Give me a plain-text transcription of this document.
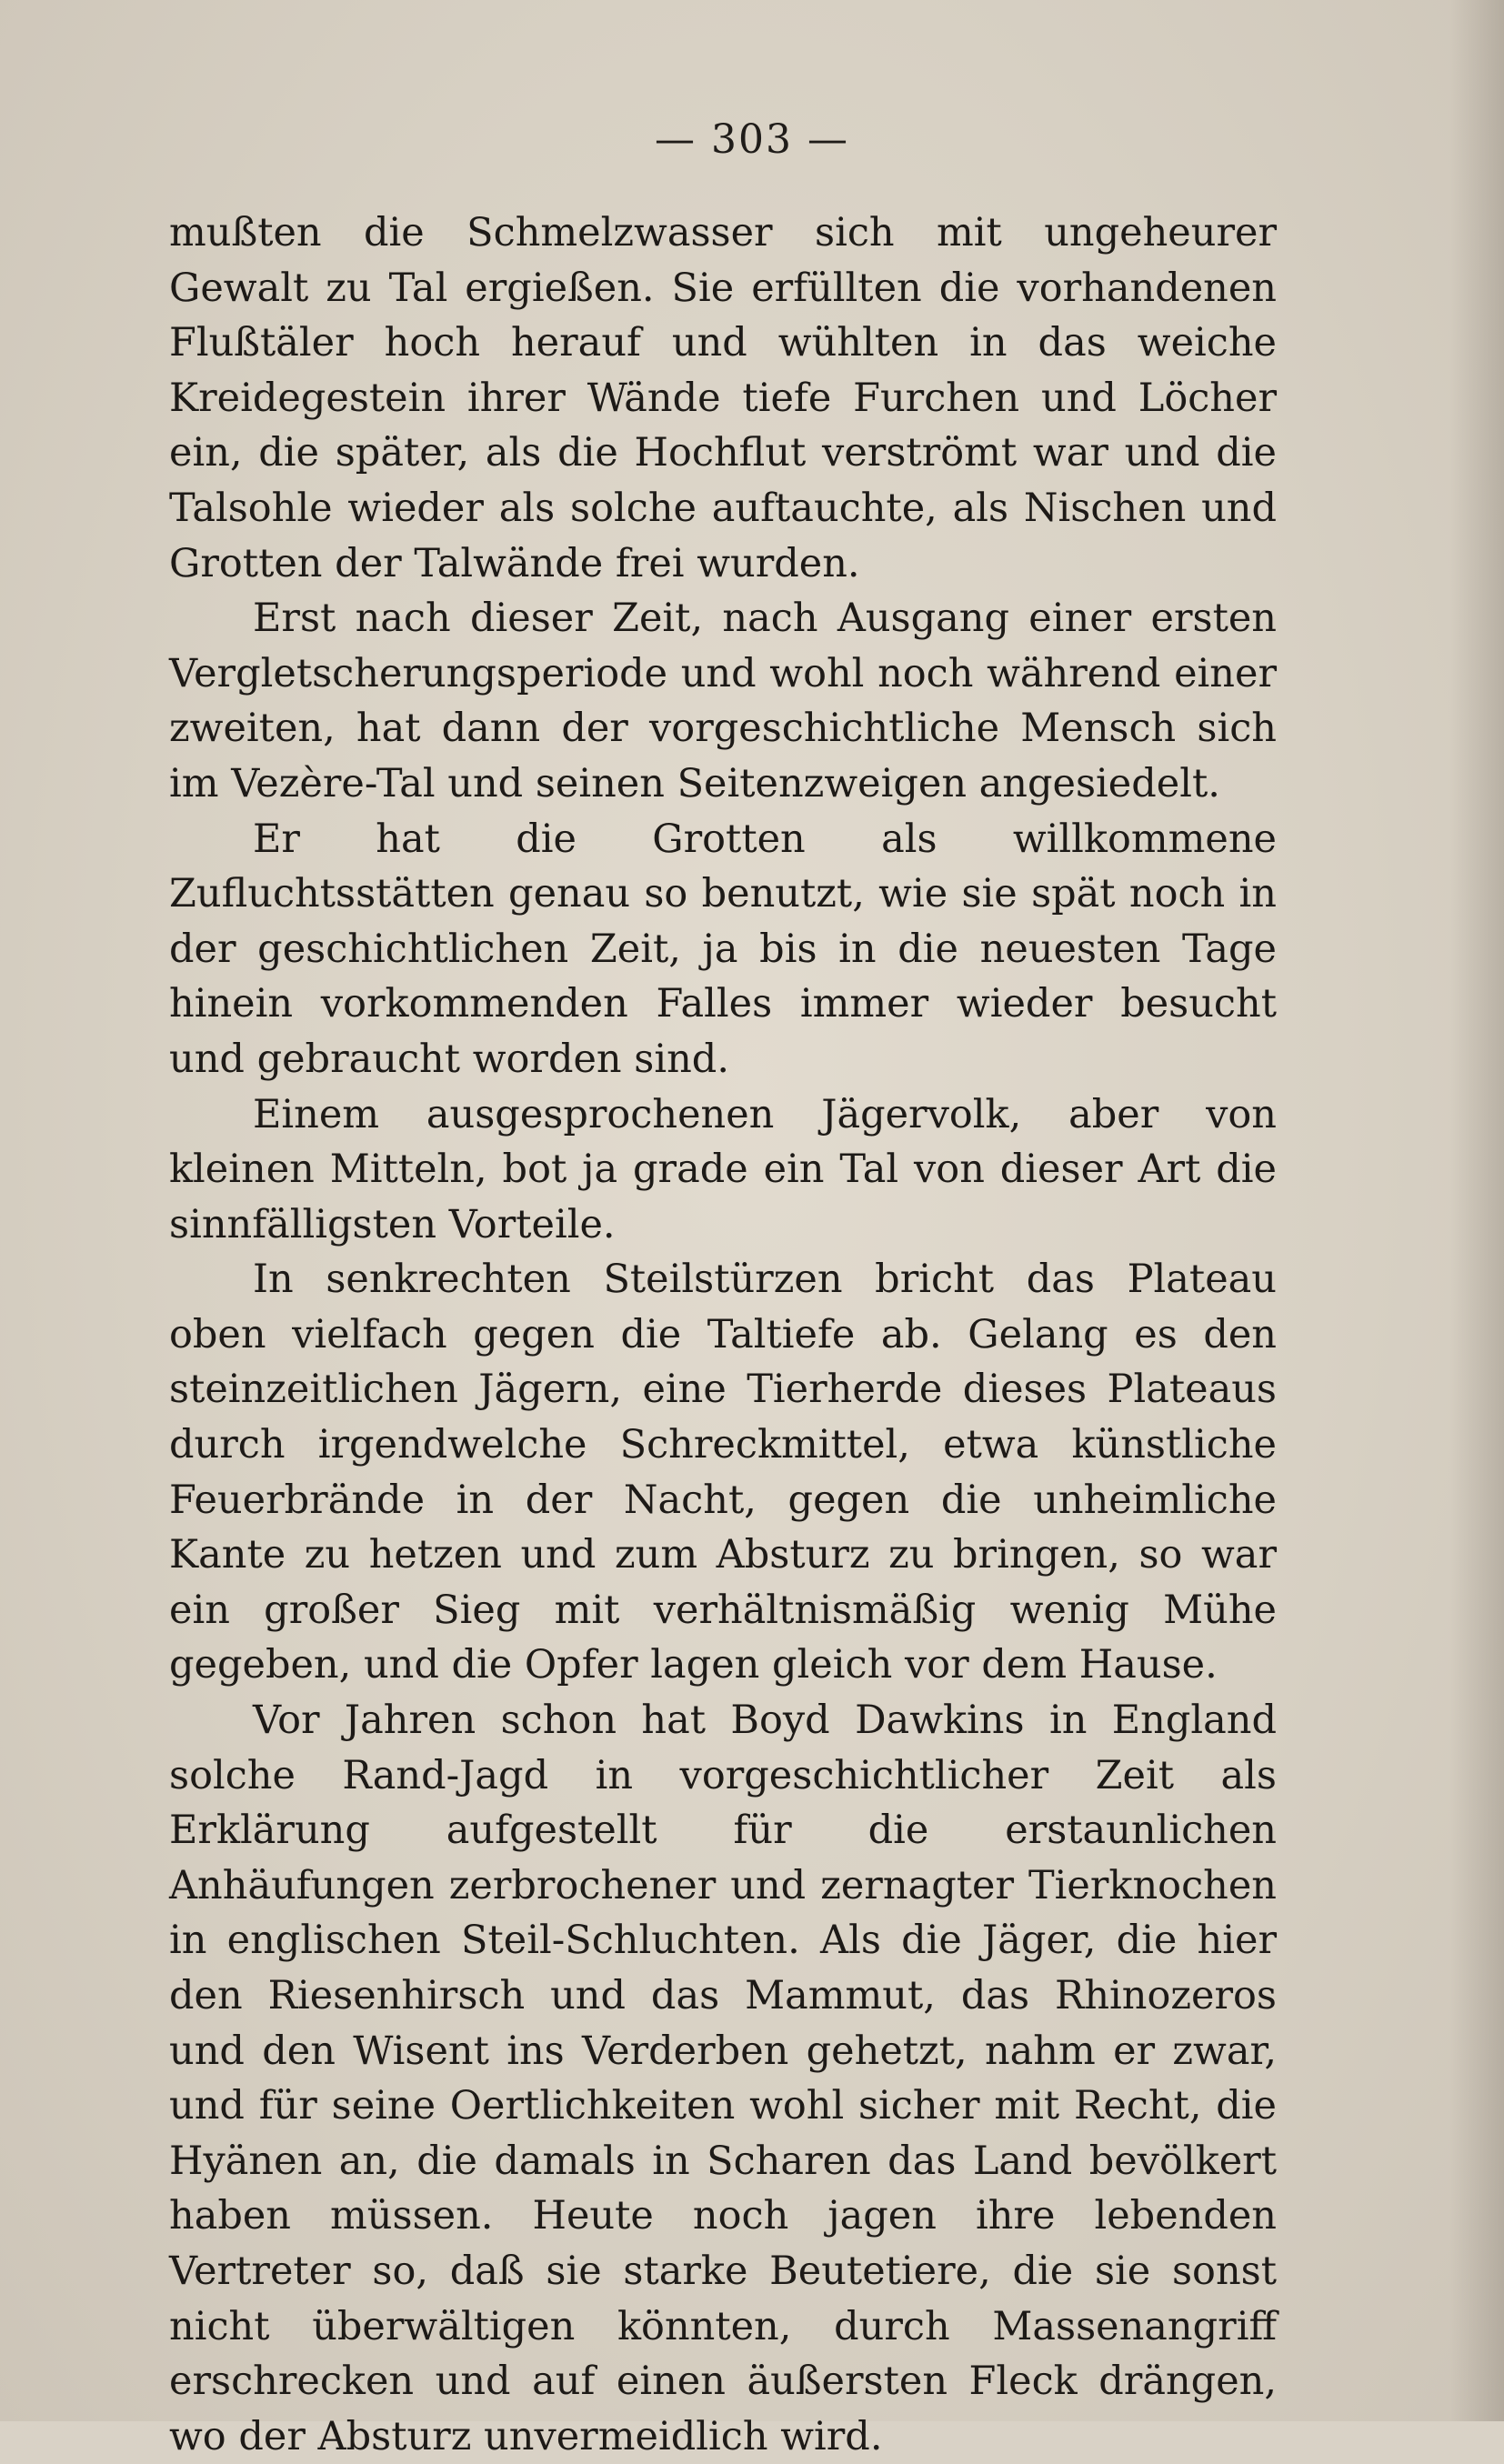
— 303 —

mußten die Schmelzwasser sich mit ungeheurer Gewalt zu Tal ergießen. Sie erfüllten die vorhandenen Flußtäler hoch herauf und wühlten in das weiche Kreidegestein ihrer Wände tiefe Furchen und Löcher ein, die später, als die Hochflut verströmt war und die Talsohle wieder als solche auftauchte, als Nischen und Grotten der Talwände frei wurden.

Erst nach dieser Zeit, nach Ausgang einer ersten Vergletscherungsperiode und wohl noch während einer zweiten, hat dann der vorgeschichtliche Mensch sich im Vezère-Tal und seinen Seitenzweigen angesiedelt.

Er hat die Grotten als willkommene Zufluchtsstätten genau so benutzt, wie sie spät noch in der geschichtlichen Zeit, ja bis in die neuesten Tage hinein vorkommenden Falles immer wieder besucht und gebraucht worden sind.

Einem ausgesprochenen Jägervolk, aber von kleinen Mitteln, bot ja grade ein Tal von dieser Art die sinnfälligsten Vorteile.

In senkrechten Steilstürzen bricht das Plateau oben vielfach gegen die Taltiefe ab. Gelang es den steinzeitlichen Jägern, eine Tierherde dieses Plateaus durch irgendwelche Schreckmittel, etwa künstliche Feuerbrände in der Nacht, gegen die unheimliche Kante zu hetzen und zum Absturz zu bringen, so war ein großer Sieg mit verhältnismäßig wenig Mühe gegeben, und die Opfer lagen gleich vor dem Hause.

Vor Jahren schon hat Boyd Dawkins in England solche Rand-Jagd in vorgeschichtlicher Zeit als Erklärung aufgestellt für die erstaunlichen Anhäufungen zerbrochener und zernagter Tierknochen in englischen Steil-Schluchten. Als die Jäger, die hier den Riesenhirsch und das Mammut, das Rhinozeros und den Wisent ins Verderben gehetzt, nahm er zwar, und für seine Oertlichkeiten wohl sicher mit Recht, die Hyänen an, die damals in Scharen das Land bevölkert haben müssen. Heute noch jagen ihre lebenden Vertreter so, daß sie starke Beutetiere, die sie sonst nicht überwältigen könnten, durch Massenangriff erschrecken und auf einen äußersten Fleck drängen, wo der Absturz unvermeidlich wird.
